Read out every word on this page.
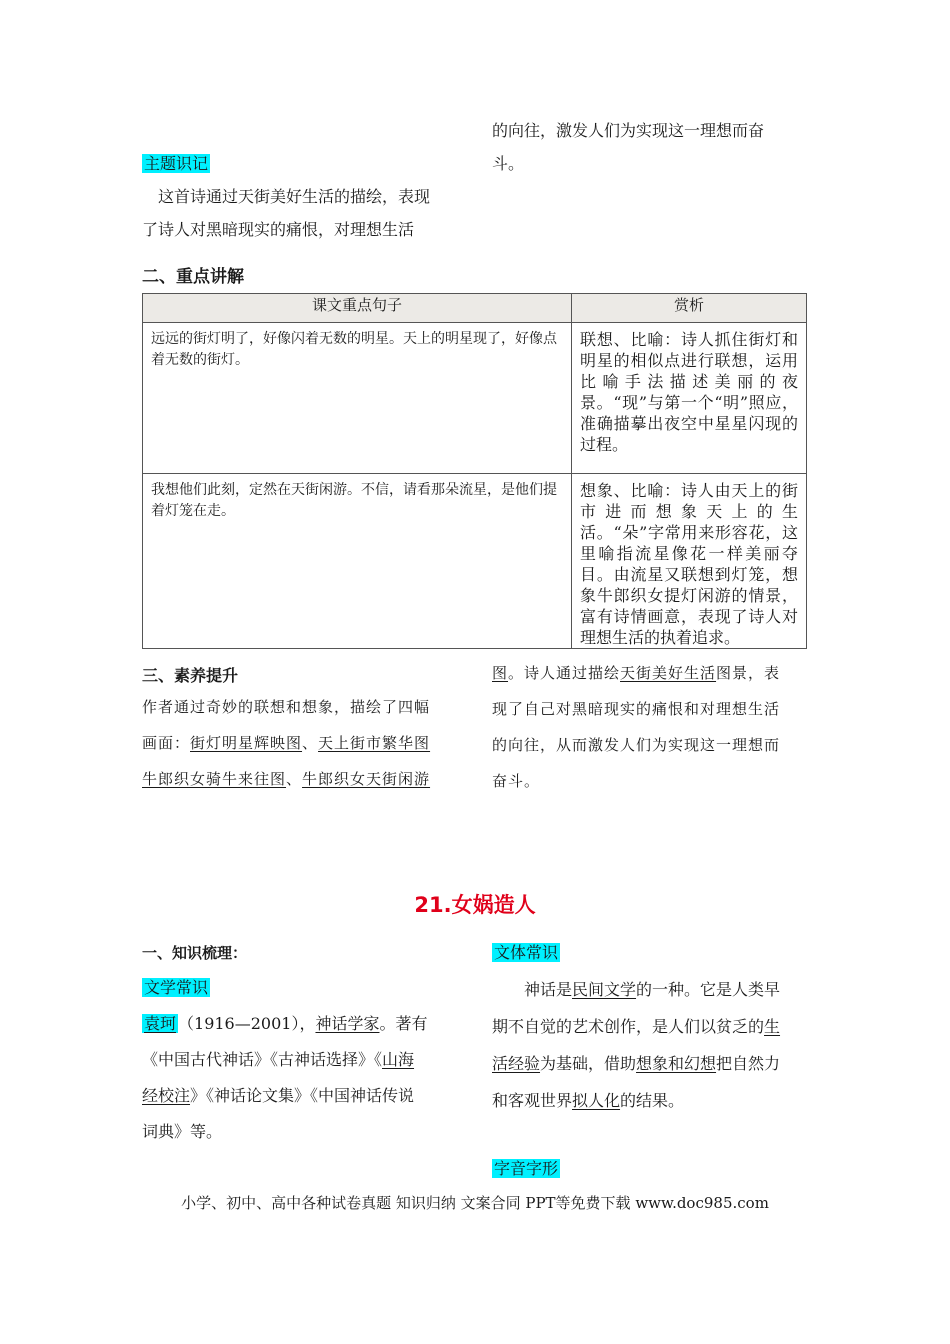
的向往，激发人们为实现这一理想而奋
斗。
主题识记
这首诗通过天街美好生活的描绘，表现
了诗人对黑暗现实的痛恨，对理想生活
二、重点讲解
课文重点句子	赏析
远远的街灯明了，好像闪着无数的明星。天上的明星现了，好像点着无数的街灯。	联想、比喻：诗人抓住街灯和明星的相似点进行联想，运用比喻手法描述美丽的夜景。“现”与第一个“明”照应，准确描摹出夜空中星星闪现的过程。
我想他们此刻，定然在天街闲游。不信，请看那朵流星，是他们提着灯笼在走。	想象、比喻：诗人由天上的街市进而想象天上的生活。“朵”字常用来形容花，这里喻指流星像花一样美丽夺目。由流星又联想到灯笼，想象牛郎织女提灯闲游的情景，富有诗情画意，表现了诗人对理想生活的执着追求。
三、素养提升
作者通过奇妙的联想和想象，描绘了四幅
画面：街灯明星辉映图、天上街市繁华图
牛郎织女骑牛来往图、牛郎织女天街闲游
图。诗人通过描绘天街美好生活图景，表
现了自己对黑暗现实的痛恨和对理想生活
的向往，从而激发人们为实现这一理想而
奋斗。
21.女娲造人
一、知识梳理：
文学常识
袁珂 （1916—2001），神话学家。著有
《中国古代神话》《古神话选择》《山海
经校注》《神话论文集》《中国神话传说
词典》等。
文体常识
神话是民间文学的一种。它是人类早
期不自觉的艺术创作，是人们以贫乏的生
活经验为基础，借助想象和幻想把自然力
和客观世界拟人化的结果。
字音字形
小学、初中、高中各种试卷真题 知识归纳 文案合同 PPT等免费下载 www.doc985.com
